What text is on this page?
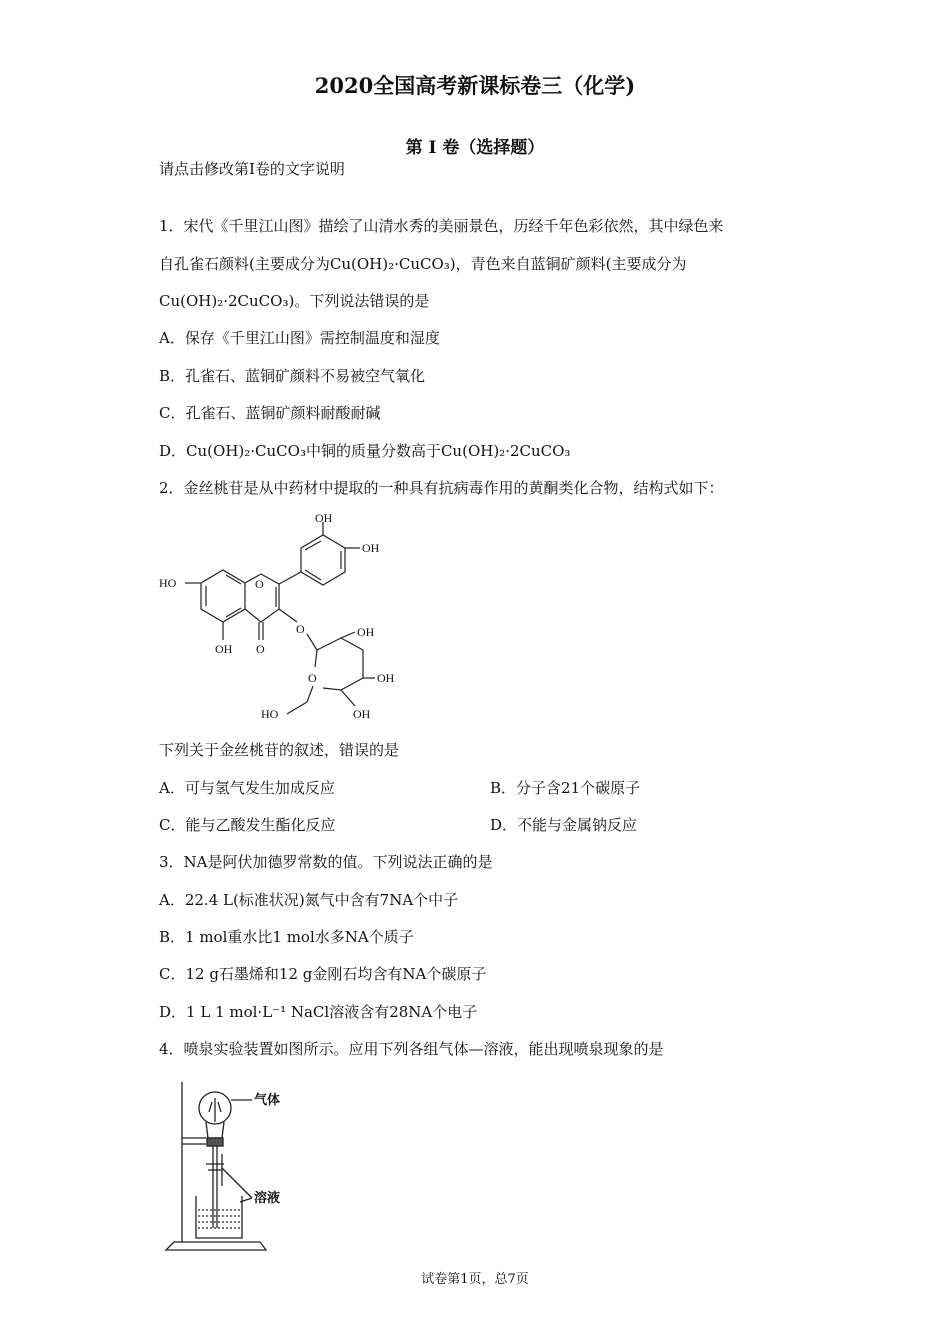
2020全国高考新课标卷三（化学)
第 I 卷（选择题）
请点击修改第I卷的文字说明
1．宋代《千里江山图》描绘了山清水秀的美丽景色，历经千年色彩依然，其中绿色来
自孔雀石颜料(主要成分为Cu(OH)₂·CuCO₃)，青色来自蓝铜矿颜料(主要成分为
Cu(OH)₂·2CuCO₃)。下列说法错误的是
A．保存《千里江山图》需控制温度和湿度
B．孔雀石、蓝铜矿颜料不易被空气氧化
C．孔雀石、蓝铜矿颜料耐酸耐碱
D．Cu(OH)₂·CuCO₃中铜的质量分数高于Cu(OH)₂·2CuCO₃
2．金丝桃苷是从中药材中提取的一种具有抗病毒作用的黄酮类化合物，结构式如下：
OH
OH
HO	O
OH O
O	OH
OH
O
OH
HO
下列关于金丝桃苷的叙述，错误的是
A．可与氢气发生加成反应	B．分子含21个碳原子
C．能与乙酸发生酯化反应	D．不能与金属钠反应
3．NA是阿伏加德罗常数的值。下列说法正确的是
A．22.4 L(标准状况)氮气中含有7NA个中子
B．1 mol重水比1 mol水多NA个质子
C．12 g石墨烯和12 g金刚石均含有NA个碳原子
D．1 L 1 mol·L⁻¹ NaCl溶液含有28NA个电子
4．喷泉实验装置如图所示。应用下列各组气体—溶液，能出现喷泉现象的是
气体
溶液
试卷第1页，总7页
